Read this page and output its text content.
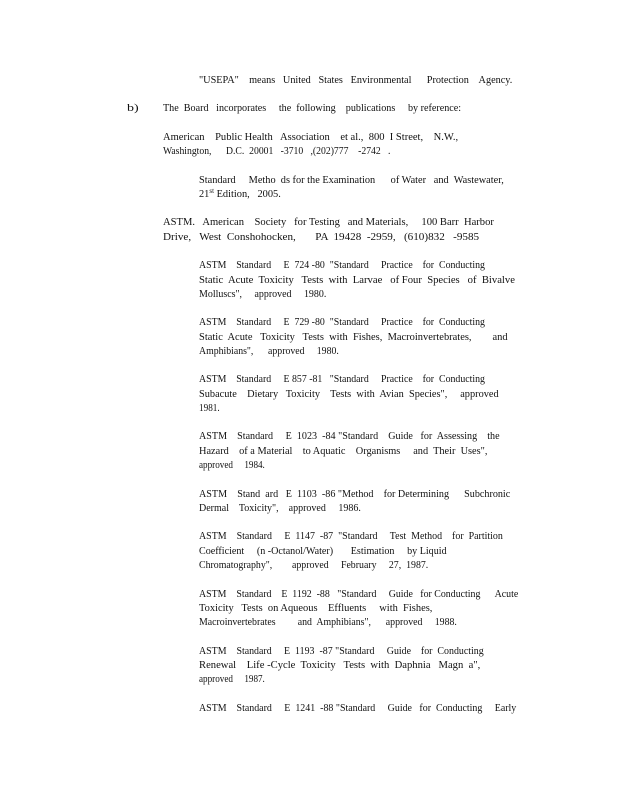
"USEPA"    means   United   States   Environmental      Protection    Agency.
b) The  Board   incorporates     the  following    publications     by reference:
American    Public Health   Association    et al.,  800  I Street,    N.W.,
Washington,      D.C.  20001   -3710   ,(202)777    -2742   .
Standard     Metho  ds for the Examination      of Water   and  Wastewater,
21st Edition,   2005.
ASTM.   American    Society   for Testing   and Materials,     100 Barr  Harbor
Drive,   West  Conshohocken,       PA  19428  -2959,   (610)832   -9585
ASTM    Standard     E  724 -80  "Standard     Practice    for  Conducting
Static  Acute  Toxicity   Tests  with  Larvae   of Four  Species   of  Bivalve
Molluscs",     approved     1980.
ASTM    Standard     E  729 -80  "Standard     Practice    for  Conducting
Static  Acute   Toxicity   Tests  with  Fishes,  Macroinvertebrates,        and
Amphibians",      approved     1980.
ASTM    Standard     E 857 -81   "Standard     Practice    for  Conducting
Subacute    Dietary   Toxicity    Tests  with  Avian  Species",     approved
1981.
ASTM    Standard     E  1023  -84 "Standard    Guide   for  Assessing    the
Hazard    of a Material    to Aquatic    Organisms     and  Their  Uses",
approved     1984.
ASTM    Stand  ard   E  1103  -86 "Method    for Determining      Subchronic
Dermal    Toxicity",    approved     1986.
ASTM    Standard     E  1147  -87  "Standard     Test  Method    for  Partition
Coefficient     (n -Octanol/Water)       Estimation     by Liquid
Chromatography",        approved     February     27,  1987.
ASTM    Standard    E  1192  -88   "Standard     Guide   for Conducting      Acute
Toxicity   Tests  on Aqueous    Effluents     with  Fishes,
Macroinvertebrates         and  Amphibians",      approved     1988.
ASTM    Standard     E  1193  -87 "Standard     Guide    for  Conducting
Renewal    Life -Cycle  Toxicity   Tests  with  Daphnia   Magn  a",
approved     1987.
ASTM    Standard     E  1241  -88 "Standard     Guide   for  Conducting     Early
